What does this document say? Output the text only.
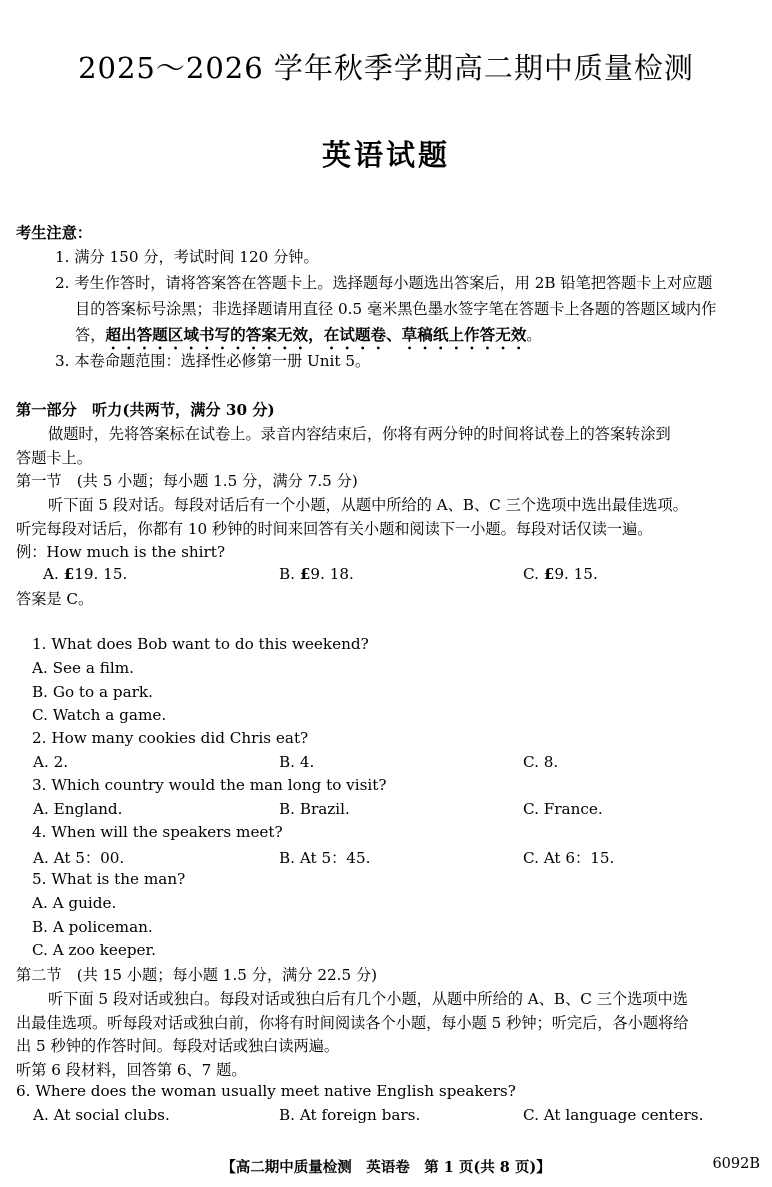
2025～2026 学年秋季学期高二期中质量检测
英语试题
考生注意：
1. 满分 150 分，考试时间 120 分钟。
2. 考生作答时，请将答案答在答题卡上。选择题每小题选出答案后，用 2B 铅笔把答题卡上对应题
目的答案标号涂黑；非选择题请用直径 0.5 毫米黑色墨水签字笔在答题卡上各题的答题区域内作
答，超出答题区域书写的答案无效，在试题卷、草稿纸上作答无效。
3. 本卷命题范围：选择性必修第一册 Unit 5。
第一部分　听力(共两节，满分 30 分)
做题时，先将答案标在试卷上。录音内容结束后，你将有两分钟的时间将试卷上的答案转涂到
答题卡上。
第一节　(共 5 小题；每小题 1.5 分，满分 7.5 分)
听下面 5 段对话。每段对话后有一个小题，从题中所给的 A、B、C 三个选项中选出最佳选项。
听完每段对话后，你都有 10 秒钟的时间来回答有关小题和阅读下一小题。每段对话仅读一遍。
例：How much is the shirt?
A. £19. 15.	B. £9. 18.	C. £9. 15.
答案是 C。
1. What does Bob want to do this weekend?
A. See a film.
B. Go to a park.
C. Watch a game.
2. How many cookies did Chris eat?
A. 2.	B. 4.	C. 8.
3. Which country would the man long to visit?
A. England.	B. Brazil.	C. France.
4. When will the speakers meet?
A. At 5：00.	B. At 5：45.	C. At 6：15.
5. What is the man?
A. A guide.
B. A policeman.
C. A zoo keeper.
第二节　(共 15 小题；每小题 1.5 分，满分 22.5 分)
听下面 5 段对话或独白。每段对话或独白后有几个小题，从题中所给的 A、B、C 三个选项中选
出最佳选项。听每段对话或独白前，你将有时间阅读各个小题，每小题 5 秒钟；听完后，各小题将给
出 5 秒钟的作答时间。每段对话或独白读两遍。
听第 6 段材料，回答第 6、7 题。
6. Where does the woman usually meet native English speakers?
A. At social clubs.	B. At foreign bars.	C. At language centers.
【高二期中质量检测　英语卷　第 1 页(共 8 页)】	6092B
